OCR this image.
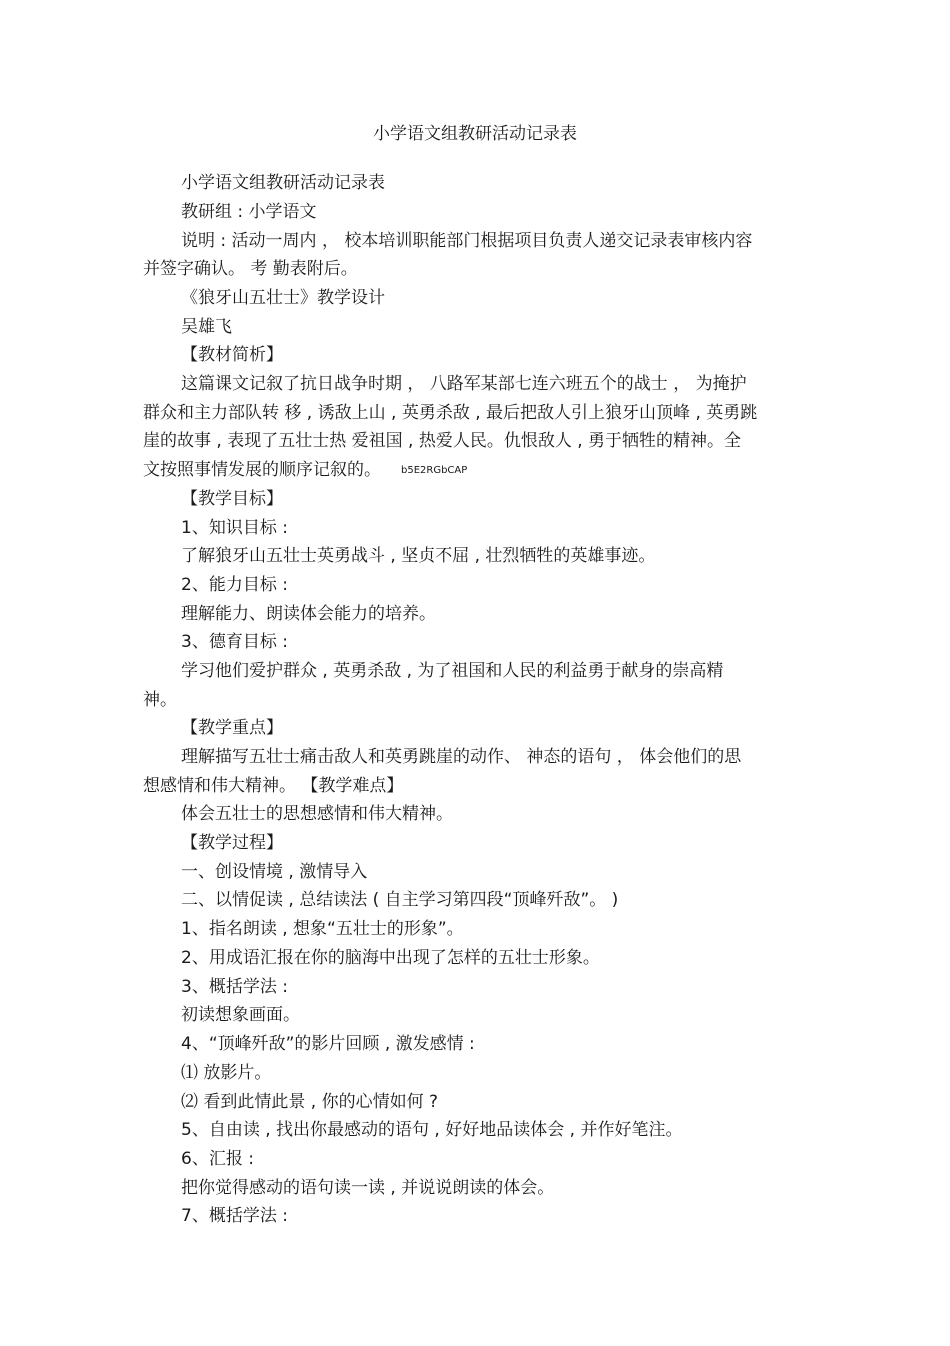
小学语文组教研活动记录表
小学语文组教研活动记录表
教研组 : 小学语文
说明 : 活动一周内 ， 校本培训职能部门根据项目负责人递交记录表审核内容
并签字确认。 考 勤表附后。
《狼牙山五壮士》教学设计
吴雄飞
【教材简析】
这篇课文记叙了抗日战争时期 ， 八路军某部七连六班五个的战士 ， 为掩护
群众和主力部队转 移 , 诱敌上山 , 英勇杀敌 , 最后把敌人引上狼牙山顶峰 , 英勇跳
崖的故事 , 表现了五壮士热 爱祖国 , 热爱人民。仇恨敌人 , 勇于牺牲的精神。全
文按照事情发展的顺序记叙的。 b5E2RGbCAP
【教学目标】
1、知识目标 :
了解狼牙山五壮士英勇战斗 , 坚贞不屈 , 壮烈牺牲的英雄事迹。
2、能力目标 :
理解能力、朗读体会能力的培养。
3、德育目标 :
学习他们爱护群众 , 英勇杀敌 , 为了祖国和人民的利益勇于献身的崇高精
神。
【教学重点】
理解描写五壮士痛击敌人和英勇跳崖的动作、 神态的语句 ， 体会他们的思
想感情和伟大精神。 【教学难点】
体会五壮士的思想感情和伟大精神。
【教学过程】
一、创设情境 , 激情导入
二、以情促读 , 总结读法 ( 自主学习第四段“顶峰歼敌”。 )
1、指名朗读 , 想象“五壮士的形象”。
2、用成语汇报在你的脑海中出现了怎样的五壮士形象。
3、概括学法 :
初读想象画面。
4、“顶峰歼敌”的影片回顾 , 激发感情 :
⑴ 放影片。
⑵ 看到此情此景 , 你的心情如何 ?
5、自由读 , 找出你最感动的语句 , 好好地品读体会 , 并作好笔注。
6、汇报 :
把你觉得感动的语句读一读 , 并说说朗读的体会。
7、概括学法 :
